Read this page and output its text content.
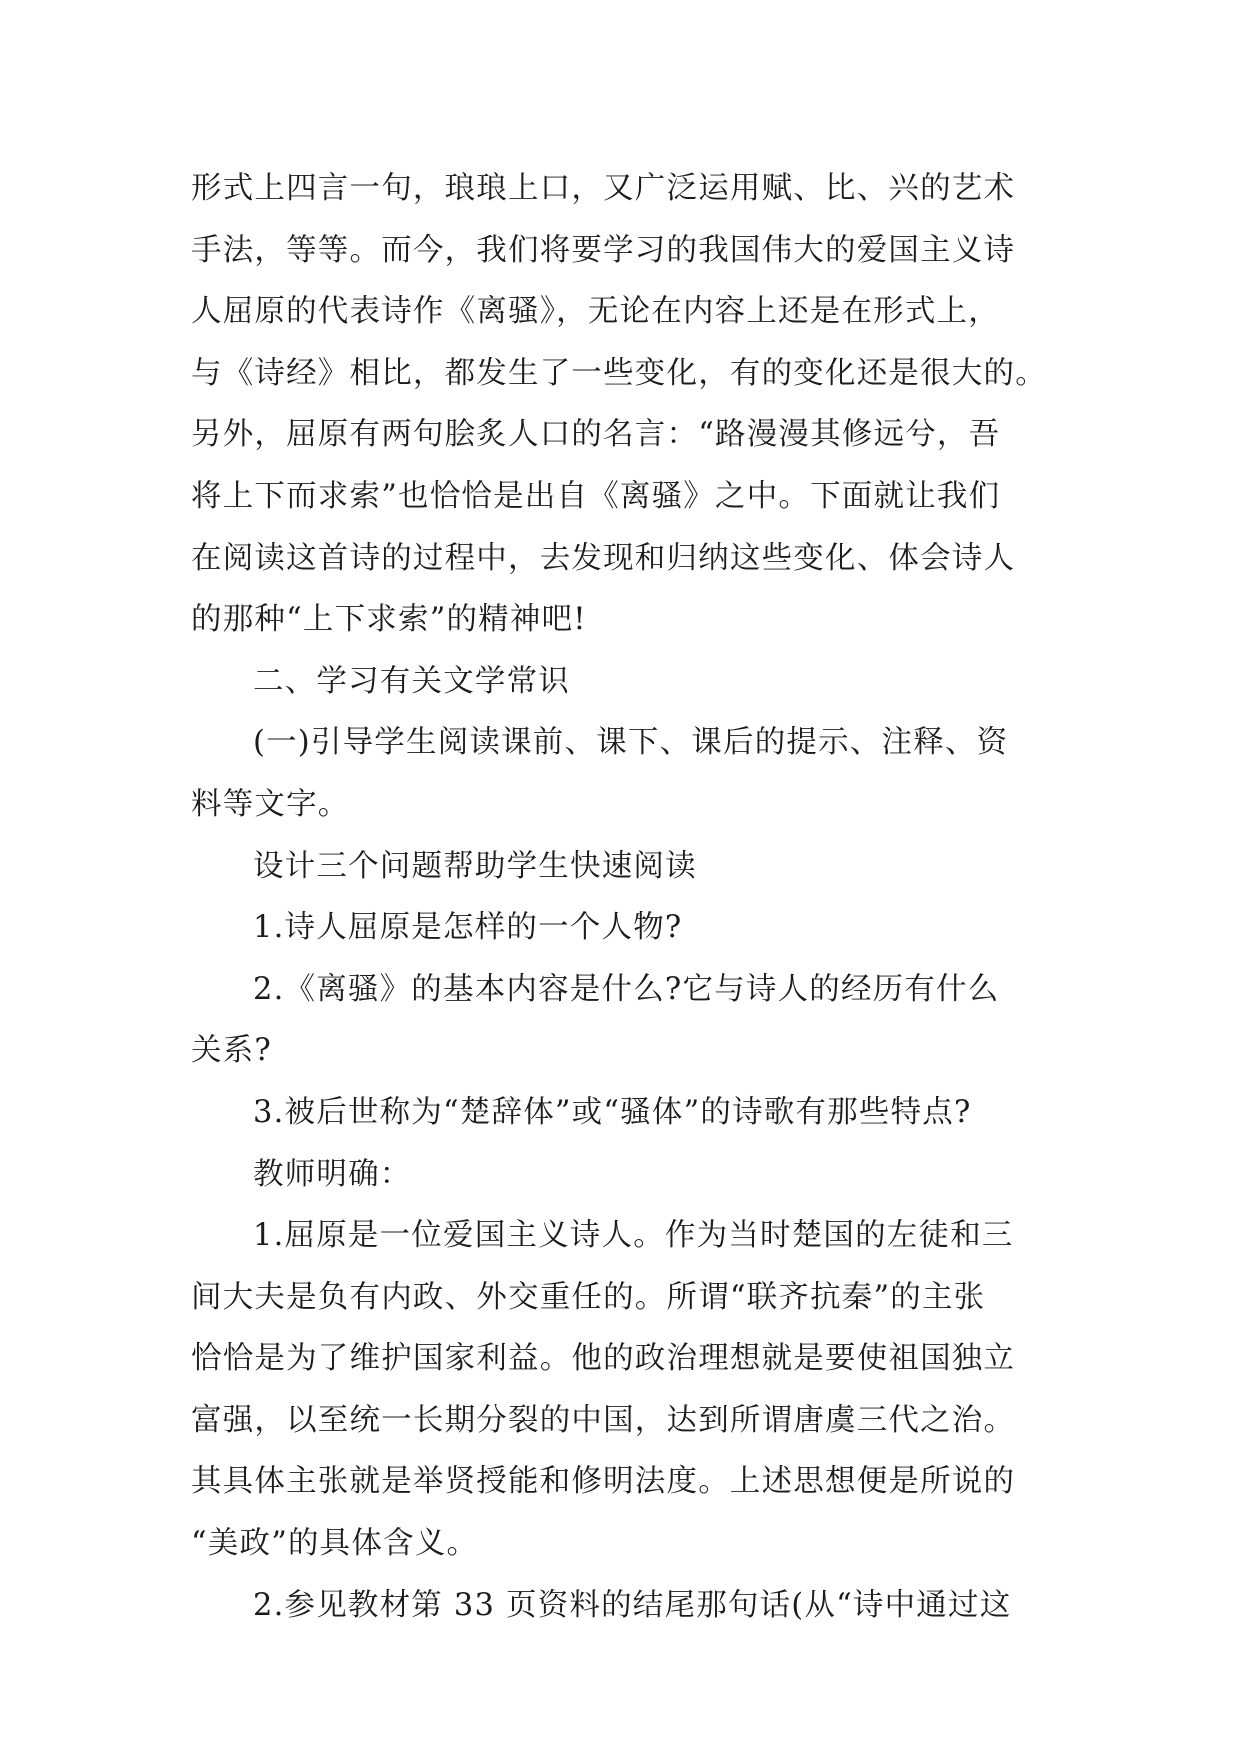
形式上四言一句，琅琅上口，又广泛运用赋、比、兴的艺术
手法，等等。而今，我们将要学习的我国伟大的爱国主义诗
人屈原的代表诗作《离骚》，无论在内容上还是在形式上，
与《诗经》相比，都发生了一些变化，有的变化还是很大的。
另外，屈原有两句脍炙人口的名言：“路漫漫其修远兮，吾
将上下而求索”也恰恰是出自《离骚》之中。下面就让我们
在阅读这首诗的过程中，去发现和归纳这些变化、体会诗人
的那种“上下求索”的精神吧!
二、学习有关文学常识
(一)引导学生阅读课前、课下、课后的提示、注释、资
料等文字。
设计三个问题帮助学生快速阅读
1.诗人屈原是怎样的一个人物?
2.《离骚》的基本内容是什么?它与诗人的经历有什么
关系?
3.被后世称为“楚辞体”或“骚体”的诗歌有那些特点?
教师明确：
1.屈原是一位爱国主义诗人。作为当时楚国的左徒和三
间大夫是负有内政、外交重任的。所谓“联齐抗秦”的主张
恰恰是为了维护国家利益。他的政治理想就是要使祖国独立
富强，以至统一长期分裂的中国，达到所谓唐虞三代之治。
其具体主张就是举贤授能和修明法度。上述思想便是所说的
“美政”的具体含义。
2.参见教材第 33 页资料的结尾那句话(从“诗中通过这
